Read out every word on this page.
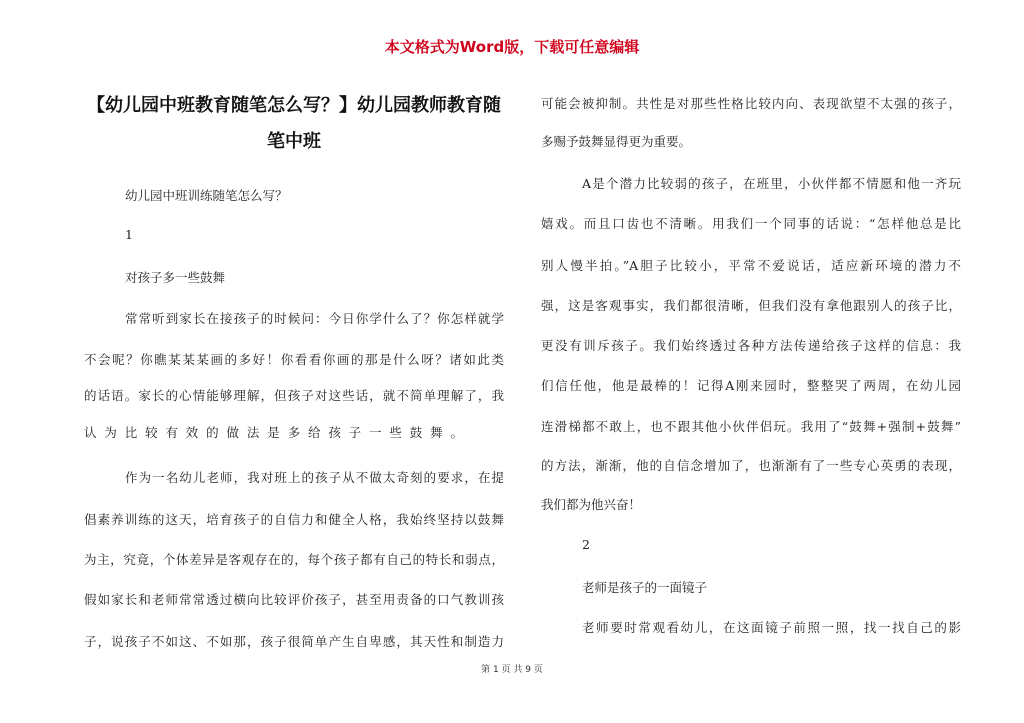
本文格式为Word版，下载可任意编辑
【幼儿园中班教育随笔怎么写？】幼儿园教师教育随
笔中班
幼儿园中班训练随笔怎么写？
1
对孩子多一些鼓舞
常常听到家长在接孩子的时候问：今日你学什么了？你怎样就学
不会呢？你瞧某某某画的多好！你看看你画的那是什么呀？诸如此类
的话语。家长的心情能够理解，但孩子对这些话，就不简单理解了，我
认为比较有效的做法是多给孩子一些鼓舞。
作为一名幼儿老师，我对班上的孩子从不做太奇刻的要求，在提
倡素养训练的这天，培育孩子的自信力和健全人格，我始终坚持以鼓舞
为主，究竟，个体差异是客观存在的，每个孩子都有自己的特长和弱点，
假如家长和老师常常透过横向比较评价孩子，甚至用责备的口气教训孩
子，说孩子不如这、不如那，孩子很简单产生自卑感，其天性和制造力
可能会被抑制。共性是对那些性格比较内向、表现欲望不太强的孩子，
多赐予鼓舞显得更为重要。
A是个潜力比较弱的孩子，在班里，小伙伴都不情愿和他一齐玩
嬉戏。而且口齿也不清晰。用我们一个同事的话说：“怎样他总是比
别人慢半拍。”A胆子比较小，平常不爱说话，适应新环境的潜力不
强，这是客观事实，我们都很清晰，但我们没有拿他跟别人的孩子比，
更没有训斥孩子。我们始终透过各种方法传递给孩子这样的信息：我
们信任他，他是最棒的！记得A刚来园时，整整哭了两周，在幼儿园
连滑梯都不敢上，也不跟其他小伙伴侣玩。我用了“鼓舞+强制+鼓舞”
的方法，渐渐，他的自信念增加了，也渐渐有了一些专心英勇的表现，
我们都为他兴奋！
2
老师是孩子的一面镜子
老师要时常观看幼儿，在这面镜子前照一照，找一找自己的影
第 1 页 共 9 页
